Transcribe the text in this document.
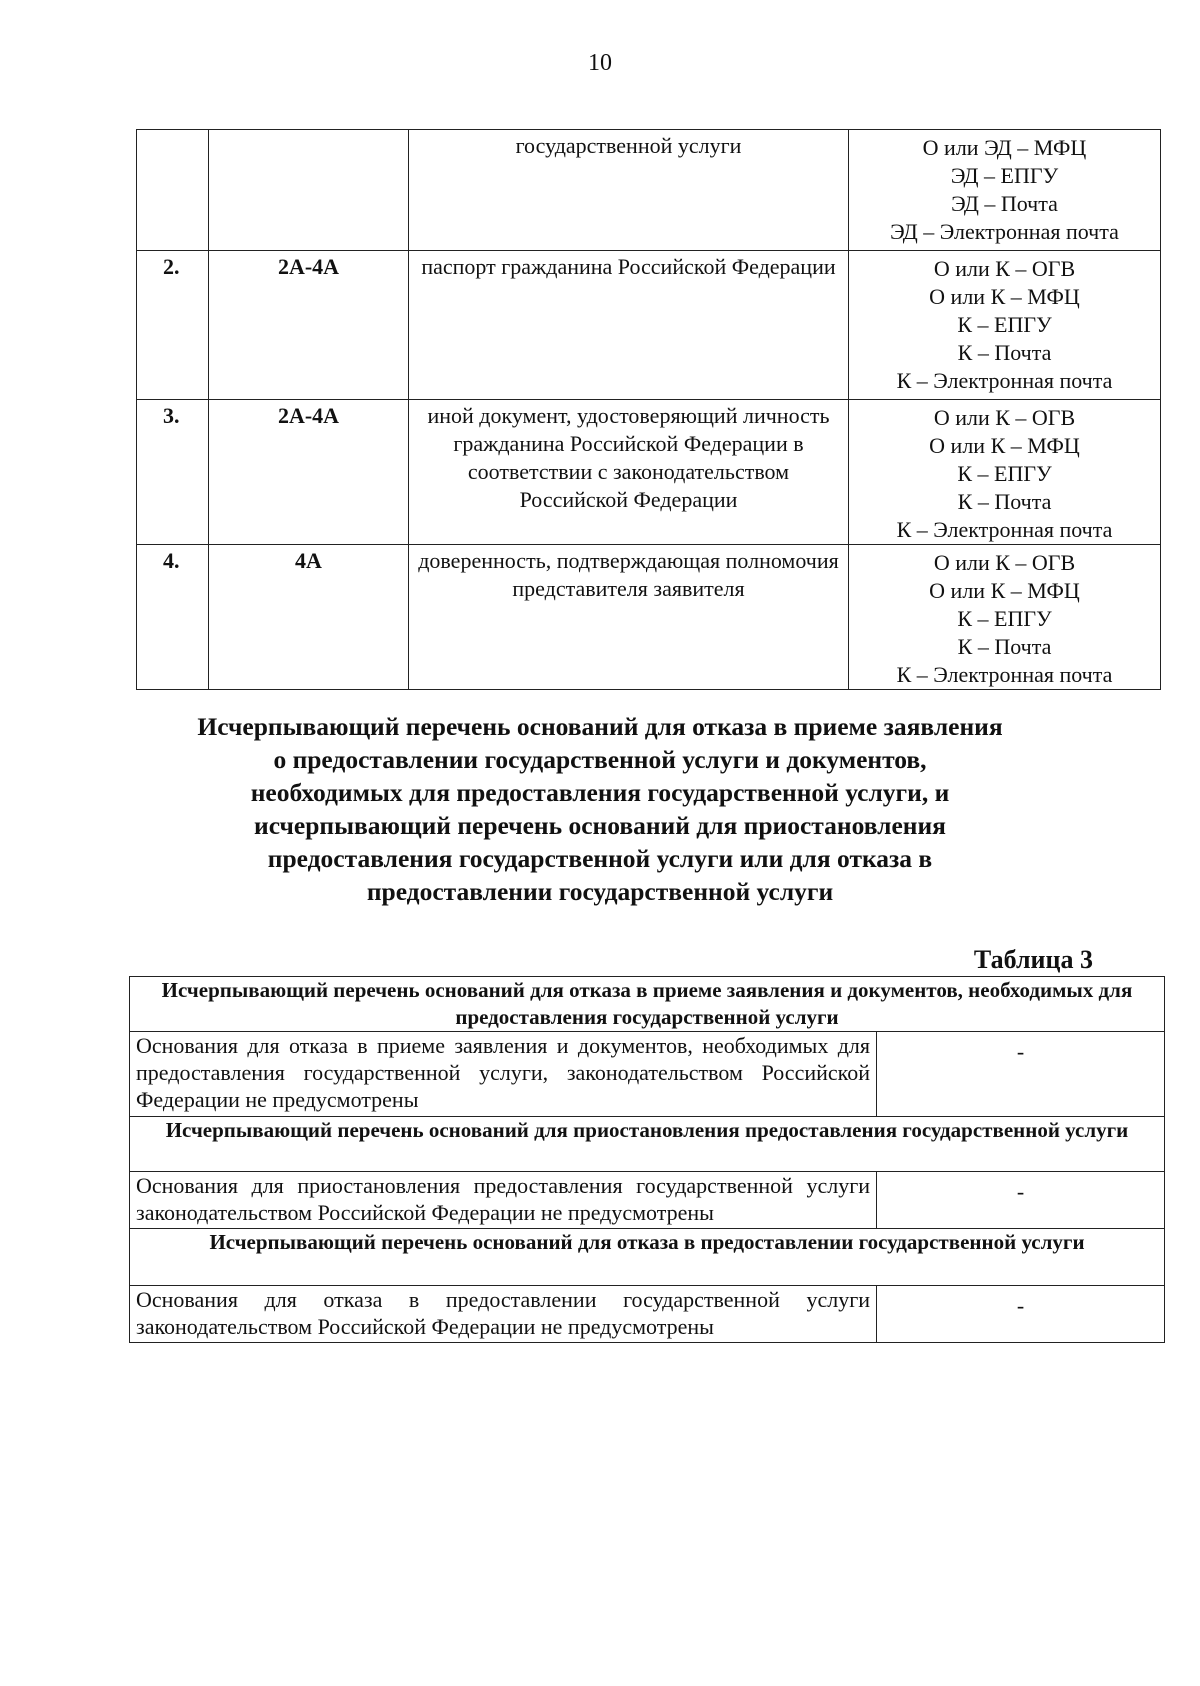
10
		государственной услуги	О или ЭД – МФЦ
ЭД – ЕПГУ
ЭД – Почта
ЭД – Электронная почта

2.	2А-4А	паспорт гражданина Российской Федерации	О или К – ОГВ
О или К – МФЦ
К – ЕПГУ
К – Почта
К – Электронная почта

3.	2А-4А	иной документ, удостоверяющий личность гражданина Российской Федерации в соответствии с законодательством Российской Федерации	О или К – ОГВ
О или К – МФЦ
К – ЕПГУ
К – Почта
К – Электронная почта

4.	4А	доверенность, подтверждающая полномочия представителя заявителя	О или К – ОГВ
О или К – МФЦ
К – ЕПГУ
К – Почта
К – Электронная почта
Исчерпывающий перечень оснований для отказа в приеме заявления
о предоставлении государственной услуги и документов,
необходимых для предоставления государственной услуги, и
исчерпывающий перечень оснований для приостановления
предоставления государственной услуги или для отказа в
предоставлении государственной услуги
Таблица 3
Исчерпывающий перечень оснований для отказа в приеме заявления и документов, необходимых для предоставления государственной услуги	
Основания для отказа в приеме заявления и документов, необходимых для предоставления государственной услуги, законодательством Российской Федерации не предусмотрены	-
Исчерпывающий перечень оснований для приостановления предоставления государственной услуги	
Основания для приостановления предоставления государственной услуги законодательством Российской Федерации не предусмотрены	-
Исчерпывающий перечень оснований для отказа в предоставлении государственной услуги	
Основания для отказа в предоставлении государственной услуги законодательством Российской Федерации не предусмотрены	-
